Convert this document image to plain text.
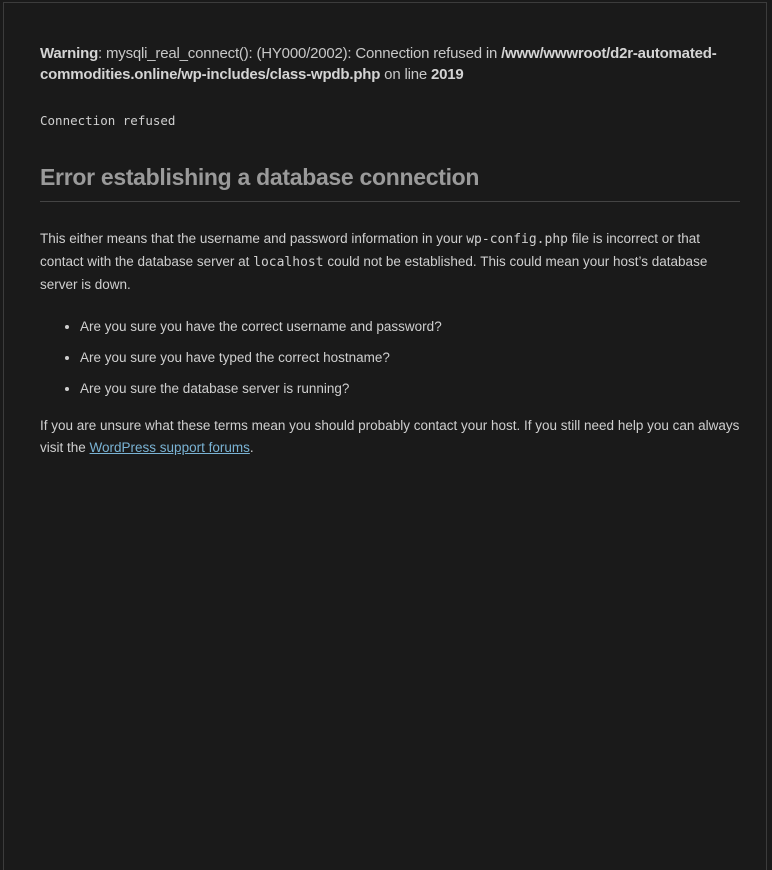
Warning: mysqli_real_connect(): (HY000/2002): Connection refused in /www/wwwroot/d2r-automated-commodities.online/wp-includes/class-wpdb.php on line 2019

Connection refused
Error establishing a database connection

This either means that the username and password information in your wp-config.php file is incorrect or that contact with the database server at localhost could not be established. This could mean your host’s database server is down.

• Are you sure you have the correct username and password?
• Are you sure you have typed the correct hostname?
• Are you sure the database server is running?

If you are unsure what these terms mean you should probably contact your host. If you still need help you can always visit the WordPress support forums.
